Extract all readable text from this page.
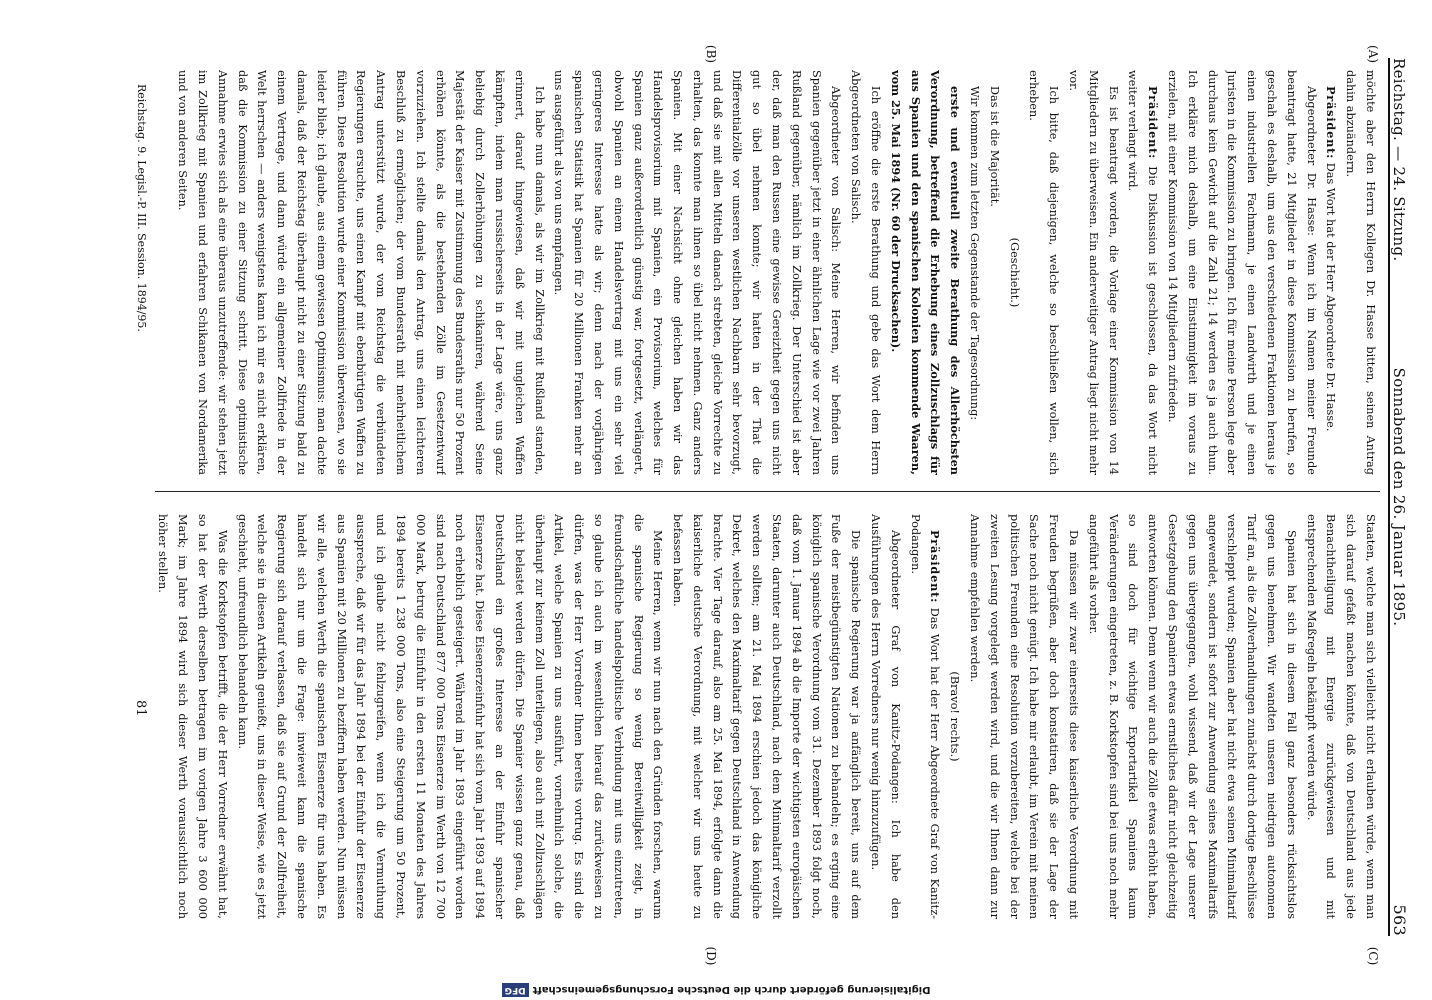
Reichstag. — 24. Sitzung.
Sonnabend den 26. Januar 1895.
563
(A)
(B)
(C)
(D)

möchte aber den Herrn Kollegen Dr. Hasse bitten, seinen Antrag dahin abzuändern.

Präsident: Das Wort hat der Herr Abgeordnete Dr. Hasse.

Abgeordneter Dr. Hasse: Wenn ich im Namen meiner Freunde beantragt hatte, 21 Mitglieder in diese Kommission zu berufen, so geschah es deshalb, um aus den verschiedenen Fraktionen heraus je einen industriellen Fachmann, je einen Landwirth und je einen Juristen in die Kommission zu bringen. Ich für meine Person lege aber durchaus kein Gewicht auf die Zahl 21; 14 werden es ja auch thun. Ich erkläre mich deshalb, um eine Einstimmigkeit im voraus zu erzielen, mit einer Kommission von 14 Mitgliedern zufrieden.

Präsident: Die Diskussion ist geschlossen, da das Wort nicht weiter verlangt wird.

Es ist beantragt worden, die Vorlage einer Kommission von 14 Mitgliedern zu überweisen. Ein anderweitiger Antrag liegt nicht mehr vor.

Ich bitte, daß diejenigen, welche so beschließen wollen, sich erheben.

(Geschieht.)

Das ist die Majorität.

Wir kommen zum letzten Gegenstande der Tagesordnung:

erste und eventuell zweite Berathung des Allerhöchsten Verordnung, betreffend die Erhebung eines Zollzuschlags für aus Spanien und den spanischen Kolonien kommende Waaren, vom 25. Mai 1894 (Nr. 60 der Drucksachen).

Ich eröffne die erste Berathung und gebe das Wort dem Herrn Abgeordneten von Salisch.

Abgeordneter von Salisch: Meine Herren, wir befinden uns Spanien gegenüber jetzt in einer ähnlichen Lage wie vor zwei Jahren Rußland gegenüber, nämlich im Zollkrieg. Der Unterschied ist aber der, daß man den Russen eine gewisse Gereiztheit gegen uns nicht gut so übel nehmen konnte; wir hatten in der That die Differentialzölle vor unseren westlichen Nachbarn sehr bevorzugt, und daß sie mit allen Mitteln danach strebten, gleiche Vorrechte zu erhalten, das konnte man ihnen so übel nicht nehmen. Ganz anders Spanien. Mit einer Nachsicht ohne gleichen haben wir das Handelsprovisorium mit Spanien, ein Provisorium, welches für Spanien ganz außerordentlich günstig war, fortgesetzt, verlängert, obwohl Spanien an einem Handelsvertrag mit uns ein sehr viel geringeres Interesse hatte als wir; denn nach der vorjährigen spanischen Statistik hat Spanien für 20 Millionen Franken mehr an uns ausgeführt als von uns empfangen.

Ich habe nun damals, als wir im Zollkrieg mit Rußland standen, erinnert, darauf hingewiesen, daß wir mit ungleichen Waffen kämpften, indem man russischerseits in der Lage wäre, uns ganz beliebig durch Zollerhöhungen zu schikaniren, während Seine Majestät der Kaiser mit Zustimmung des Bundesraths nur 50 Prozent erhöhen könnte, als die bestehenden Zölle im Gesetzentwurf vorzuziehen. Ich stellte damals den Antrag, uns einen leichteren Beschluß zu ermöglichen; der vom Bundesrath mit mehrheitlichem Antrag unterstützt wurde, der vom Reichstag die verbündeten Regierungen ersuchte, uns einen Kampf mit ebenbürtigen Waffen zu führen. Diese Resolution wurde einer Kommission überwiesen, wo sie leider blieb; ich glaube, aus einem gewissen Optimismus: man dachte damals, daß der Reichstag überhaupt nicht zu einer Sitzung bald zu einem Vertrage, und dann würde ein allgemeiner Zollfriede in der Welt herrschen — anders wenigstens kann ich mir es nicht erklären, daß die Kommission zu einer Sitzung schritt. Diese optimistische Annahme erwies sich als eine überaus unzutreffende: wir stehen jetzt im Zollkrieg mit Spanien und erfahren Schikanen von Nordamerika und von anderen Seiten.

Staaten, welche man sich vielleicht nicht erlauben würde, wenn man sich darauf gefaßt machen könnte, daß von Deutschland aus jede Benachtheiligung mit Energie zurückgewiesen und mit entsprechenden Maßregeln bekämpft werden würde.

Spanien hat sich in diesem Fall ganz besonders rücksichtslos gegen uns benehmen. Wir wandten unseren niedrigen autonomen Tarif an, als die Zollverhandlungen zunächst durch dortige Beschlüsse verschleppt wurden; Spanien aber hat nicht etwa seinen Minimaltarif angewendet, sondern ist sofort zur Anwendung seines Maximaltarifs gegen uns übergegangen, wohl wissend, daß wir der Lage unserer Gesetzgebung den Spaniern etwas ernstliches dafür nicht gleichzeitig antworten können. Denn wenn wir auch die Zölle etwas erhöht haben, so sind doch für wichtige Exportartikel Spaniens kaum Veränderungen eingetreten, z. B. Korkstopfen sind bei uns noch mehr angeführt als vorher.

Da müssen wir zwar einerseits diese kaiserliche Verordnung mit Freuden begrüßen, aber doch konstatiren, daß sie der Lage der Sache noch nicht genügt. Ich habe mir erlaubt, im Verein mit meinen politischen Freunden eine Resolution vorzubereiten, welche bei der zweiten Lesung vorgelegt werden wird, und die wir Ihnen dann zur Annahme empfehlen werden.

(Bravo! rechts.)

Präsident: Das Wort hat der Herr Abgeordnete Graf von Kanitz-Podangen.

Abgeordneter Graf von Kanitz-Podangen: Ich habe den Ausführungen des Herrn Vorredners nur wenig hinzuzufügen.

Die spanische Regierung war ja anfänglich bereit, uns auf dem Fuße der meistbegünstigten Nationen zu behandeln; es erging eine königlich spanische Verordnung vom 31. Dezember 1893 folgt noch, daß vom 1. Januar 1894 ab die Importe der wichtigsten europäischen Staaten, darunter auch Deutschland, nach dem Minimaltarif verzollt werden sollten; am 21. Mai 1894 erschien jedoch das königliche Dekret, welches den Maximaltarif gegen Deutschland in Anwendung brachte. Vier Tage darauf, also am 25. Mai 1894, erfolgte dann die kaiserliche deutsche Verordnung, mit welcher wir uns heute zu befassen haben.

Meine Herren, wenn wir nun nach den Gründen forschen, warum die spanische Regierung so wenig Bereitwilligkeit zeigt, in freundschaftliche handelspolitische Verbindung mit uns einzutreten, so glaube ich auch im wesentlichen hierauf das zurückweisen zu dürfen, was der Herr Vorredner Ihnen bereits vortrug. Es sind die Artikel, welche Spanien zu uns ausführt, vornehmlich solche, die überhaupt zur keinem Zoll unterliegen, also auch mit Zollzuschlägen nicht belastet werden dürfen. Die Spanier wissen ganz genau, daß Deutschland ein großes Interesse an der Einfuhr spanischer Eisenerze hat. Diese Eisenerzeinfuhr hat sich vom Jahr 1893 auf 1894 noch erheblich gesteigert. Während im Jahr 1893 eingeführt worden sind nach Deutschland 877 000 Tons Eisenerze im Werth von 12 700 000 Mark, betrug die Einfuhr in den ersten 11 Monaten des Jahres 1894 bereits 1 238 000 Tons, also eine Steigerung um 50 Prozent, und ich glaube nicht fehlzugreifen, wenn ich die Vermuthung ausspreche, daß wir für das Jahr 1894 bei der Einfuhr der Eisenerze aus Spanien mit 20 Millionen zu beziffern haben werden. Nun müssen wir alle, welchen Werth die spanischen Eisenerze für uns haben. Es handelt sich nur um die Frage: inwieweit kann die spanische Regierung sich darauf verlassen, daß sie auf Grund der Zollfreiheit, welche sie in diesen Artikeln genießt, uns in dieser Weise, wie es jetzt geschieht, unfreundlich behandeln kann.

Was die Korkstopfen betrifft, die der Herr Vorredner erwähnt hat, so hat der Werth derselben betragen im vorigen Jahre 3 600 000 Mark; im Jahre 1894 wird sich dieser Werth voraussichtlich noch höher stellen.

Reichstag. 9. Legisl.-P. III. Session. 1894/95.
81
Digitalisierung gefördert durch die Deutsche ForschungsgemeinschaftDFG
